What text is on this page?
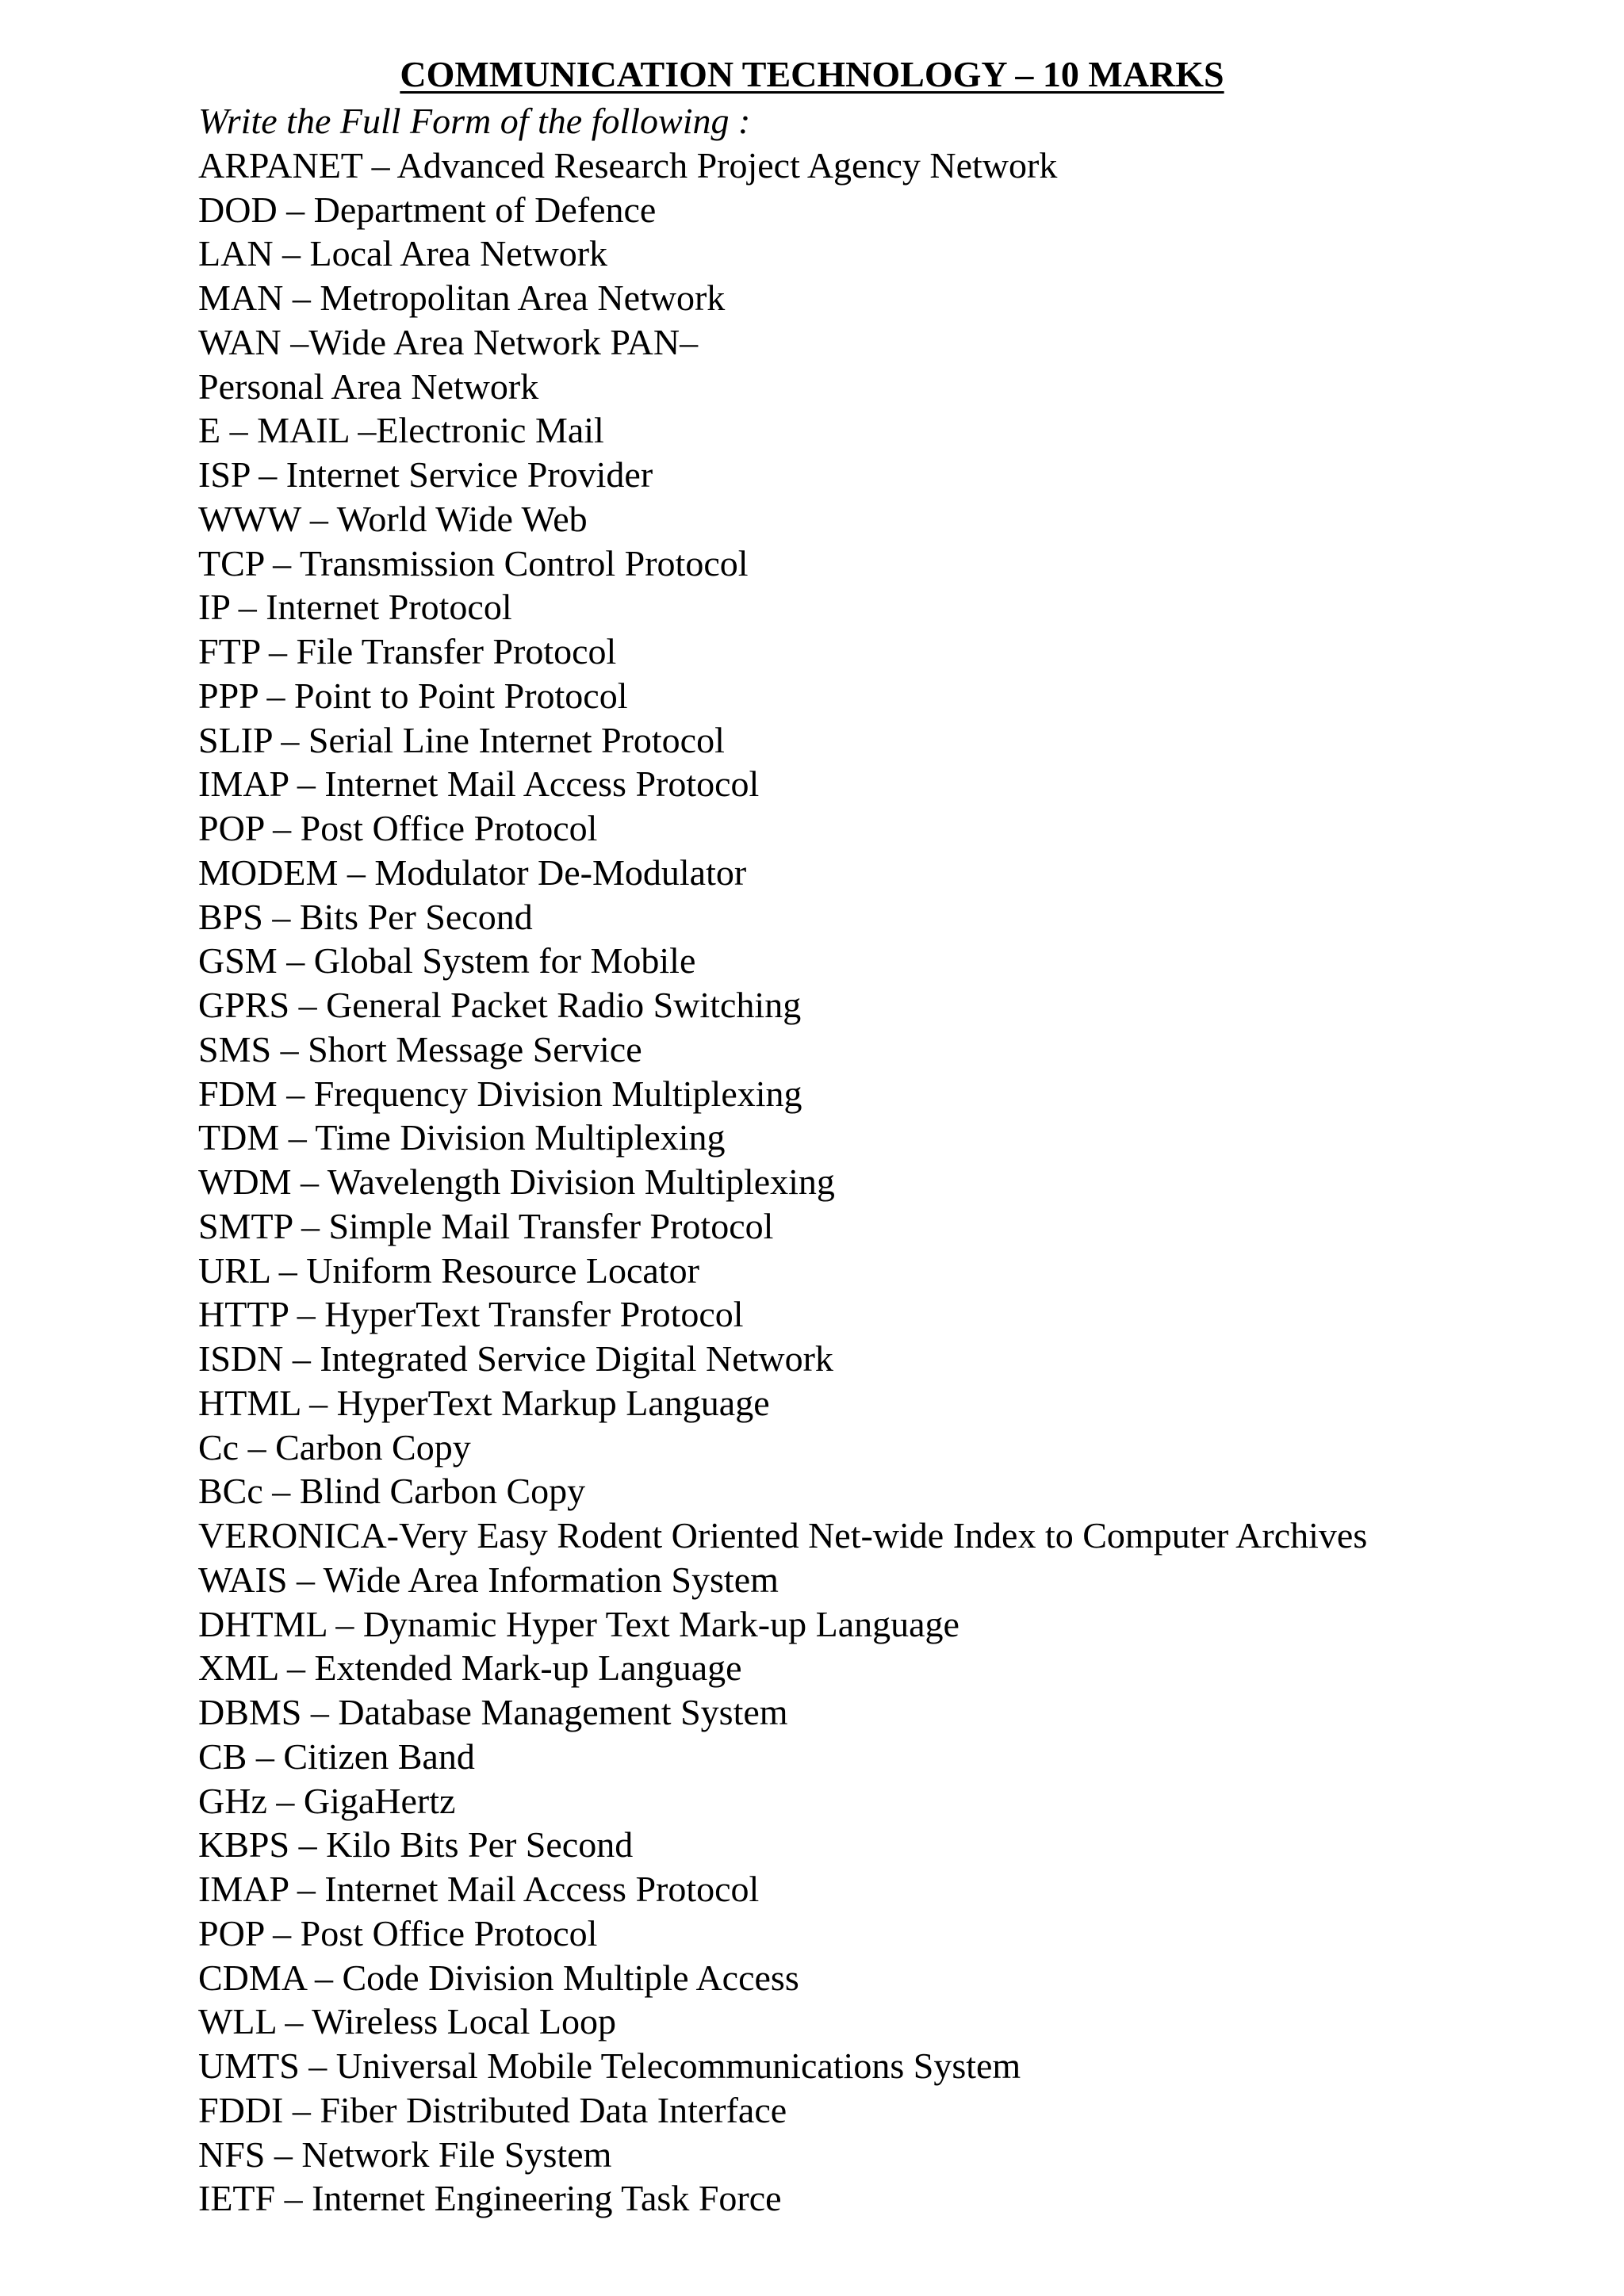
COMMUNICATION TECHNOLOGY – 10 MARKS
Write the Full Form of the following :
ARPANET – Advanced Research Project Agency Network
DOD – Department of Defence
LAN – Local Area Network
MAN – Metropolitan Area Network
WAN –Wide Area Network PAN–
Personal Area Network
E – MAIL –Electronic Mail
ISP – Internet Service Provider
WWW – World Wide Web
TCP – Transmission Control Protocol
IP – Internet Protocol
FTP – File Transfer Protocol
PPP – Point to Point Protocol
SLIP – Serial Line Internet Protocol
IMAP – Internet Mail Access Protocol
POP – Post Office Protocol
MODEM – Modulator De-Modulator
BPS – Bits Per Second
GSM – Global System for Mobile
GPRS – General Packet Radio Switching
SMS – Short Message Service
FDM – Frequency Division Multiplexing
TDM – Time Division Multiplexing
WDM – Wavelength Division Multiplexing
SMTP – Simple Mail Transfer Protocol
URL – Uniform Resource Locator
HTTP – HyperText Transfer Protocol
ISDN – Integrated Service Digital Network
HTML – HyperText Markup Language
Cc – Carbon Copy
BCc – Blind Carbon Copy
VERONICA-Very Easy Rodent Oriented Net-wide Index to Computer Archives
WAIS – Wide Area Information System
DHTML – Dynamic Hyper Text Mark-up Language
XML – Extended Mark-up Language
DBMS – Database Management System
CB – Citizen Band
GHz – GigaHertz
KBPS – Kilo Bits Per Second
IMAP – Internet Mail Access Protocol
POP – Post Office Protocol
CDMA – Code Division Multiple Access
WLL – Wireless Local Loop
UMTS – Universal Mobile Telecommunications System
FDDI – Fiber Distributed Data Interface
NFS – Network File System
IETF – Internet Engineering Task Force
